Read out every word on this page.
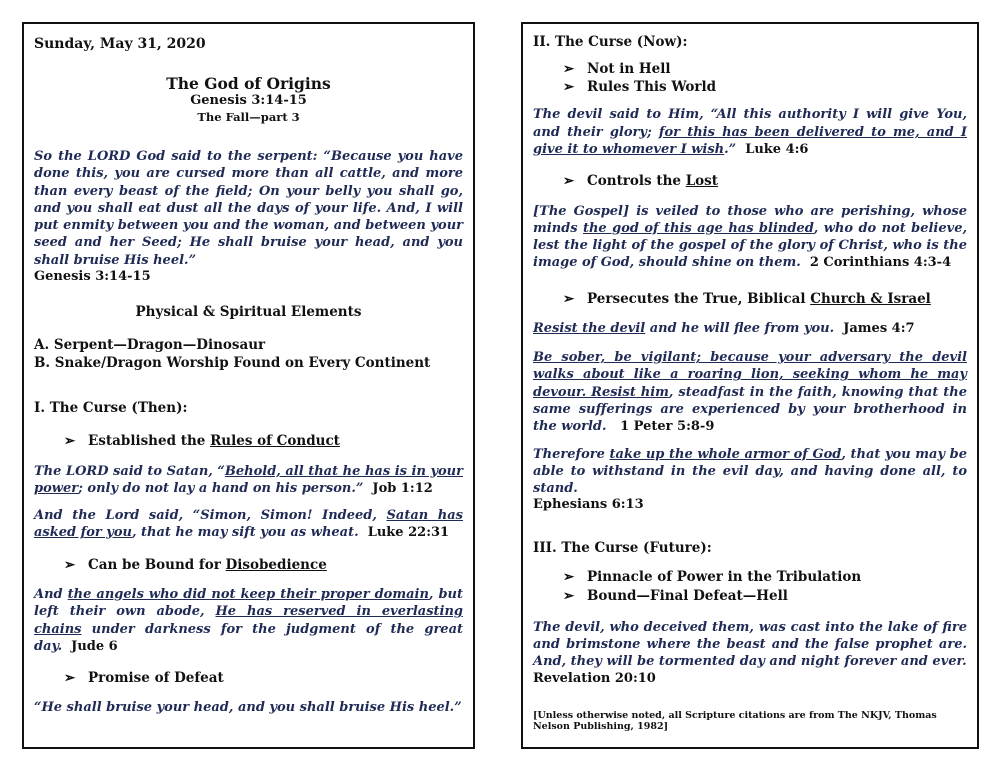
Sunday, May 31, 2020

The God of Origins
Genesis 3:14-15
The Fall—part 3

So the LORD God said to the serpent: “Because you have done this, you are cursed more than all cattle, and more than every beast of the field; On your belly you shall go, and you shall eat dust all the days of your life. And, I will put enmity between you and the woman, and between your seed and her Seed; He shall bruise your head, and you shall bruise His heel.”

Genesis 3:14-15

Physical & Spiritual Elements

A. Serpent—Dragon—Dinosaur

B. Snake/Dragon Worship Found on Every Continent

I. The Curse (Then):

➢ Established the Rules of Conduct

The LORD said to Satan, “Behold, all that he has is in your power; only do not lay a hand on his person.” Job 1:12

And the Lord said, “Simon, Simon! Indeed, Satan has asked for you, that he may sift you as wheat. Luke 22:31

➢ Can be Bound for Disobedience

And the angels who did not keep their proper domain, but left their own abode, He has reserved in everlasting chains under darkness for the judgment of the great day. Jude 6

➢ Promise of Defeat

“He shall bruise your head, and you shall bruise His heel.”

II. The Curse (Now):

➢ Not in Hell

➢ Rules This World

The devil said to Him, “All this authority I will give You, and their glory; for this has been delivered to me, and I give it to whomever I wish.” Luke 4:6

➢ Controls the Lost

[The Gospel] is veiled to those who are perishing, whose minds the god of this age has blinded, who do not believe, lest the light of the gospel of the glory of Christ, who is the image of God, should shine on them. 2 Corinthians 4:3-4

➢ Persecutes the True, Biblical Church & Israel

Resist the devil and he will flee from you. James 4:7

Be sober, be vigilant; because your adversary the devil walks about like a roaring lion, seeking whom he may devour. Resist him, steadfast in the faith, knowing that the same sufferings are experienced by your brotherhood in the world. 1 Peter 5:8-9

Therefore take up the whole armor of God, that you may be able to withstand in the evil day, and having done all, to stand.

Ephesians 6:13

III. The Curse (Future):

➢ Pinnacle of Power in the Tribulation

➢ Bound—Final Defeat—Hell

The devil, who deceived them, was cast into the lake of fire and brimstone where the beast and the false prophet are. And, they will be tormented day and night forever and ever.

Revelation 20:10

[Unless otherwise noted, all Scripture citations are from The NKJV, Thomas Nelson Publishing, 1982]
